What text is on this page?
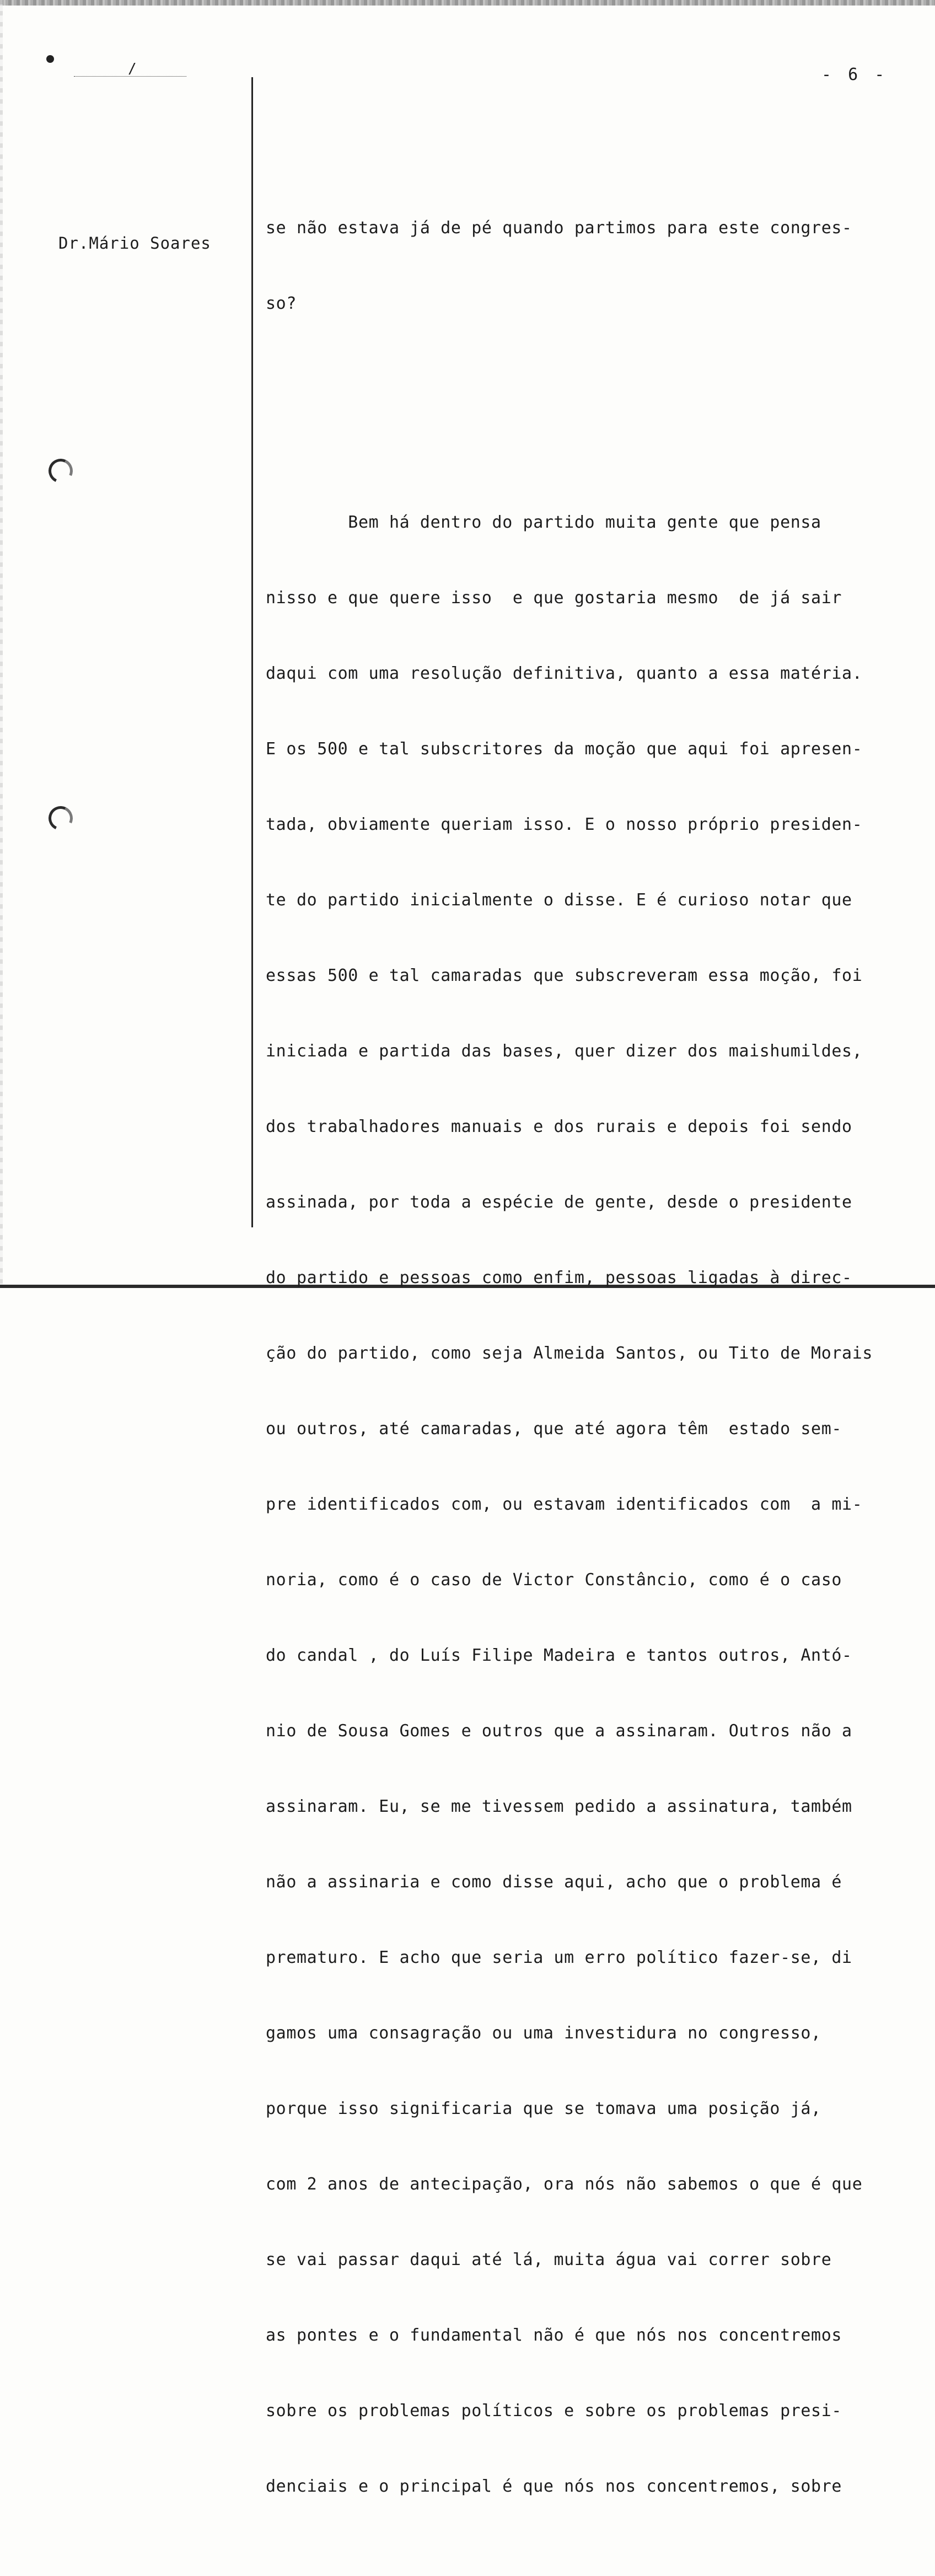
/	- 6 -
Dr.Mário Soares

se não estava já de pé quando partimos para este congres-

so?

Bem há dentro do partido muita gente que pensa

nisso e que quere isso  e que gostaria mesmo  de já sair

daqui com uma resolução definitiva, quanto a essa matéria.

E os 500 e tal subscritores da moção que aqui foi apresen-

tada, obviamente queriam isso. E o nosso próprio presiden-

te do partido inicialmente o disse. E é curioso notar que

essas 500 e tal camaradas que subscreveram essa moção, foi

iniciada e partida das bases, quer dizer dos maishumildes,

dos trabalhadores manuais e dos rurais e depois foi sendo

assinada, por toda a espécie de gente, desde o presidente

do partido e pessoas como enfim, pessoas ligadas à direc-

ção do partido, como seja Almeida Santos, ou Tito de Morais

ou outros, até camaradas, que até agora têm  estado sem-

pre identificados com, ou estavam identificados com  a mi-

noria, como é o caso de Victor Constâncio, como é o caso

do candal , do Luís Filipe Madeira e tantos outros, Antó-

nio de Sousa Gomes e outros que a assinaram. Outros não a

assinaram. Eu, se me tivessem pedido a assinatura, também

não a assinaria e como disse aqui, acho que o problema é

prematuro. E acho que seria um erro político fazer-se, di

gamos uma consagração ou uma investidura no congresso,

porque isso significaria que se tomava uma posição já,

com 2 anos de antecipação, ora nós não sabemos o que é que

se vai passar daqui até lá, muita água vai correr sobre

as pontes e o fundamental não é que nós nos concentremos

sobre os problemas políticos e sobre os problemas presi-

denciais e o principal é que nós nos concentremos, sobre
